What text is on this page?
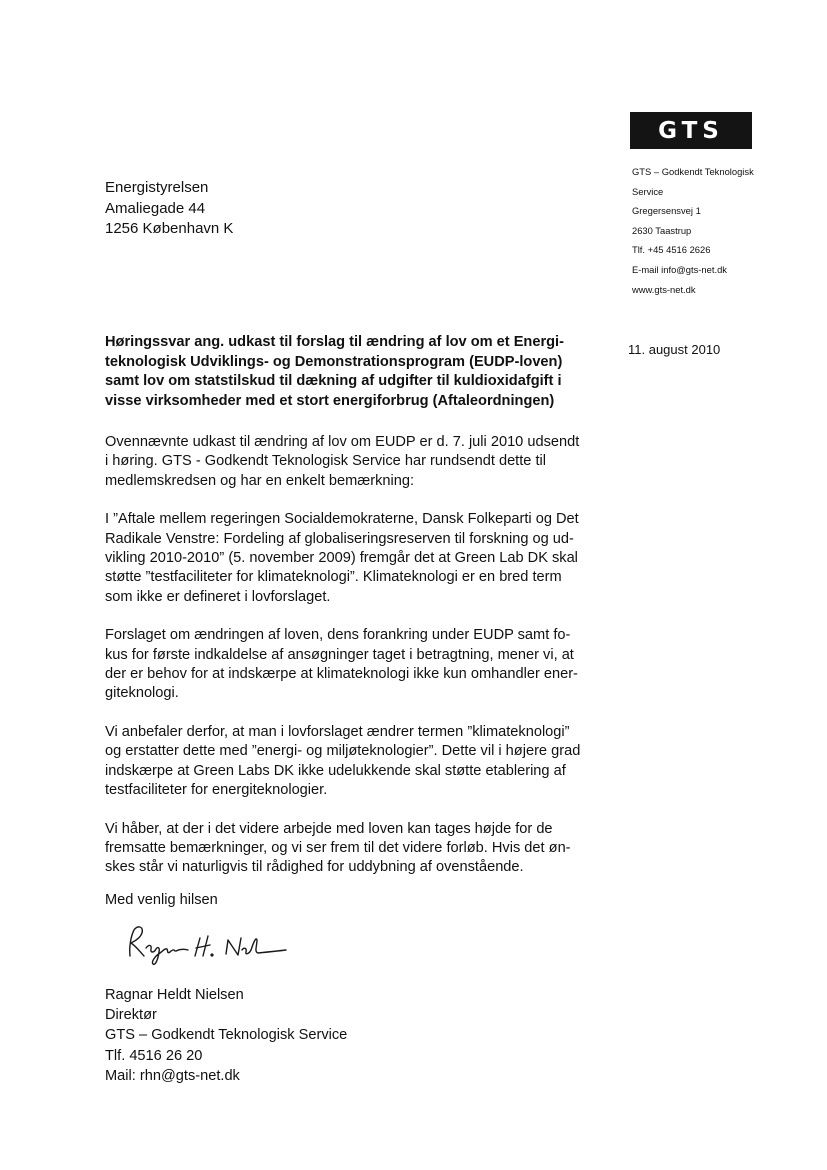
GTS
GTS – Godkendt Teknologisk
Service
Gregersensvej 1
2630 Taastrup
Tlf. +45 4516 2626
E-mail info@gts-net.dk
www.gts-net.dk
Energistyrelsen
Amaliegade 44
1256 København K
11. august 2010
Høringssvar ang. udkast til forslag til ændring af lov om et Energi-
teknologisk Udviklings- og Demonstrationsprogram (EUDP-loven)
samt lov om statstilskud til dækning af udgifter til kuldioxidafgift i
visse virksomheder med et stort energiforbrug (Aftaleordningen)
Ovennævnte udkast til ændring af lov om EUDP er d. 7. juli 2010 udsendt
i høring. GTS - Godkendt Teknologisk Service har rundsendt dette til
medlemskredsen og har en enkelt bemærkning:
I ”Aftale mellem regeringen Socialdemokraterne, Dansk Folkeparti og Det
Radikale Venstre: Fordeling af globaliseringsreserven til forskning og ud-
vikling 2010-2010” (5. november 2009) fremgår det at Green Lab DK skal
støtte ”testfaciliteter for klimateknologi”. Klimateknologi er en bred term
som ikke er defineret i lovforslaget.
Forslaget om ændringen af loven, dens forankring under EUDP samt fo-
kus for første indkaldelse af ansøgninger taget i betragtning, mener vi, at
der er behov for at indskærpe at klimateknologi ikke kun omhandler ener-
giteknologi.
Vi anbefaler derfor, at man i lovforslaget ændrer termen ”klimateknologi”
og erstatter dette med ”energi- og miljøteknologier”. Dette vil i højere grad
indskærpe at Green Labs DK ikke udelukkende skal støtte etablering af
testfaciliteter for energiteknologier.
Vi håber, at der i det videre arbejde med loven kan tages højde for de
fremsatte bemærkninger, og vi ser frem til det videre forløb. Hvis det øn-
skes står vi naturligvis til rådighed for uddybning af ovenstående.
Med venlig hilsen
Ragnar Heldt Nielsen
Direktør
GTS – Godkendt Teknologisk Service
Tlf. 4516 26 20
Mail: rhn@gts-net.dk
